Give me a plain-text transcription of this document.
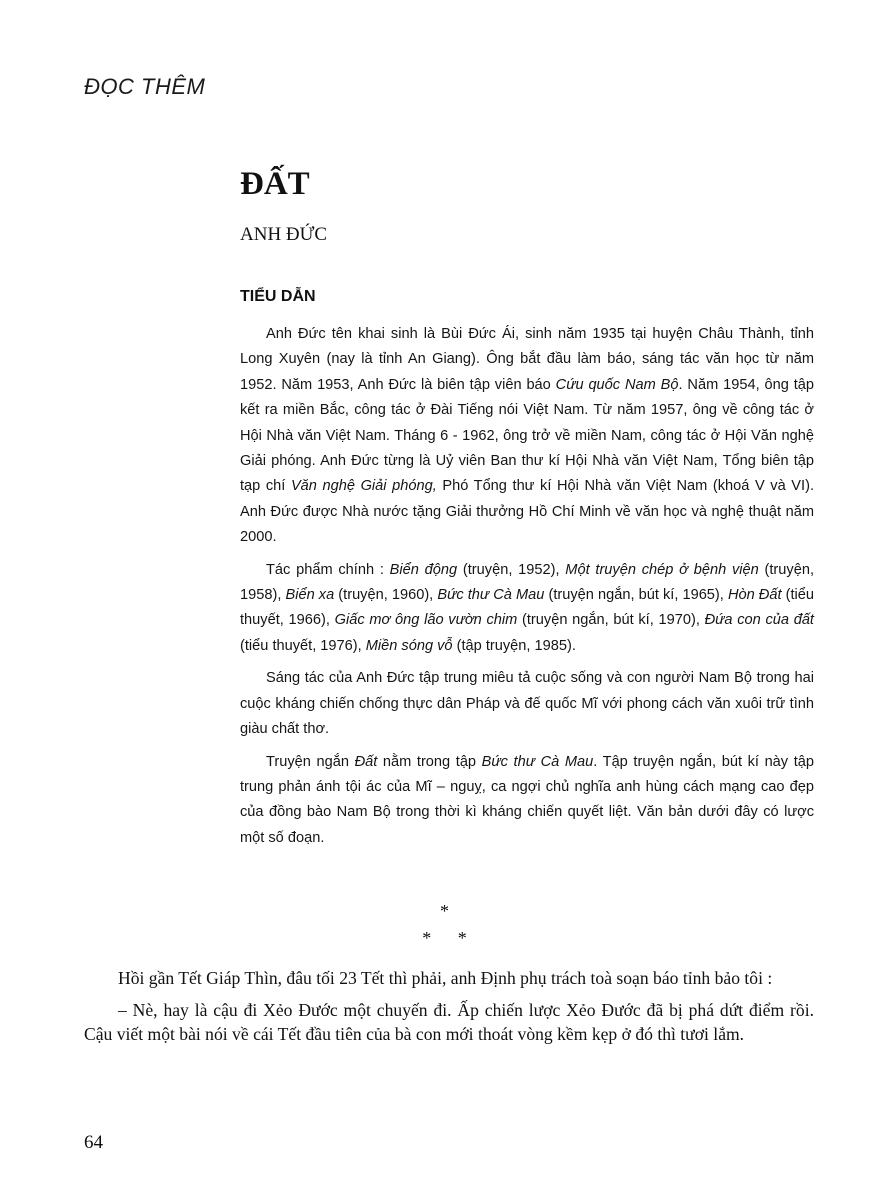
ĐỌC THÊM
ĐẤT
ANH ĐỨC
TIỂU DẪN

Anh Đức tên khai sinh là Bùi Đức Ái, sinh năm 1935 tại huyện Châu Thành, tỉnh Long Xuyên (nay là tỉnh An Giang). Ông bắt đầu làm báo, sáng tác văn học từ năm 1952. Năm 1953, Anh Đức là biên tập viên báo Cứu quốc Nam Bộ. Năm 1954, ông tập kết ra miền Bắc, công tác ở Đài Tiếng nói Việt Nam. Từ năm 1957, ông về công tác ở Hội Nhà văn Việt Nam. Tháng 6 - 1962, ông trở về miền Nam, công tác ở Hội Văn nghệ Giải phóng. Anh Đức từng là Uỷ viên Ban thư kí Hội Nhà văn Việt Nam, Tổng biên tập tạp chí Văn nghệ Giải phóng, Phó Tổng thư kí Hội Nhà văn Việt Nam (khoá V và VI). Anh Đức được Nhà nước tặng Giải thưởng Hồ Chí Minh về văn học và nghệ thuật năm 2000.

Tác phẩm chính : Biển động (truyện, 1952), Một truyện chép ở bệnh viện (truyện, 1958), Biển xa (truyện, 1960), Bức thư Cà Mau (truyện ngắn, bút kí, 1965), Hòn Đất (tiểu thuyết, 1966), Giấc mơ ông lão vườn chim (truyện ngắn, bút kí, 1970), Đứa con của đất (tiểu thuyết, 1976), Miền sóng vỗ (tập truyện, 1985).

Sáng tác của Anh Đức tập trung miêu tả cuộc sống và con người Nam Bộ trong hai cuộc kháng chiến chống thực dân Pháp và đế quốc Mĩ với phong cách văn xuôi trữ tình giàu chất thơ.

Truyện ngắn Đất nằm trong tập Bức thư Cà Mau. Tập truyện ngắn, bút kí này tập trung phản ánh tội ác của Mĩ – nguỵ, ca ngợi chủ nghĩa anh hùng cách mạng cao đẹp của đồng bào Nam Bộ trong thời kì kháng chiến quyết liệt. Văn bản dưới đây có lược một số đoạn.

*
* *

Hồi gần Tết Giáp Thìn, đâu tối 23 Tết thì phải, anh Định phụ trách toà soạn báo tỉnh bảo tôi :

– Nè, hay là cậu đi Xẻo Đước một chuyến đi. Ấp chiến lược Xẻo Đước đã bị phá dứt điểm rồi. Cậu viết một bài nói về cái Tết đầu tiên của bà con mới thoát vòng kềm kẹp ở đó thì tươi lắm.

64
